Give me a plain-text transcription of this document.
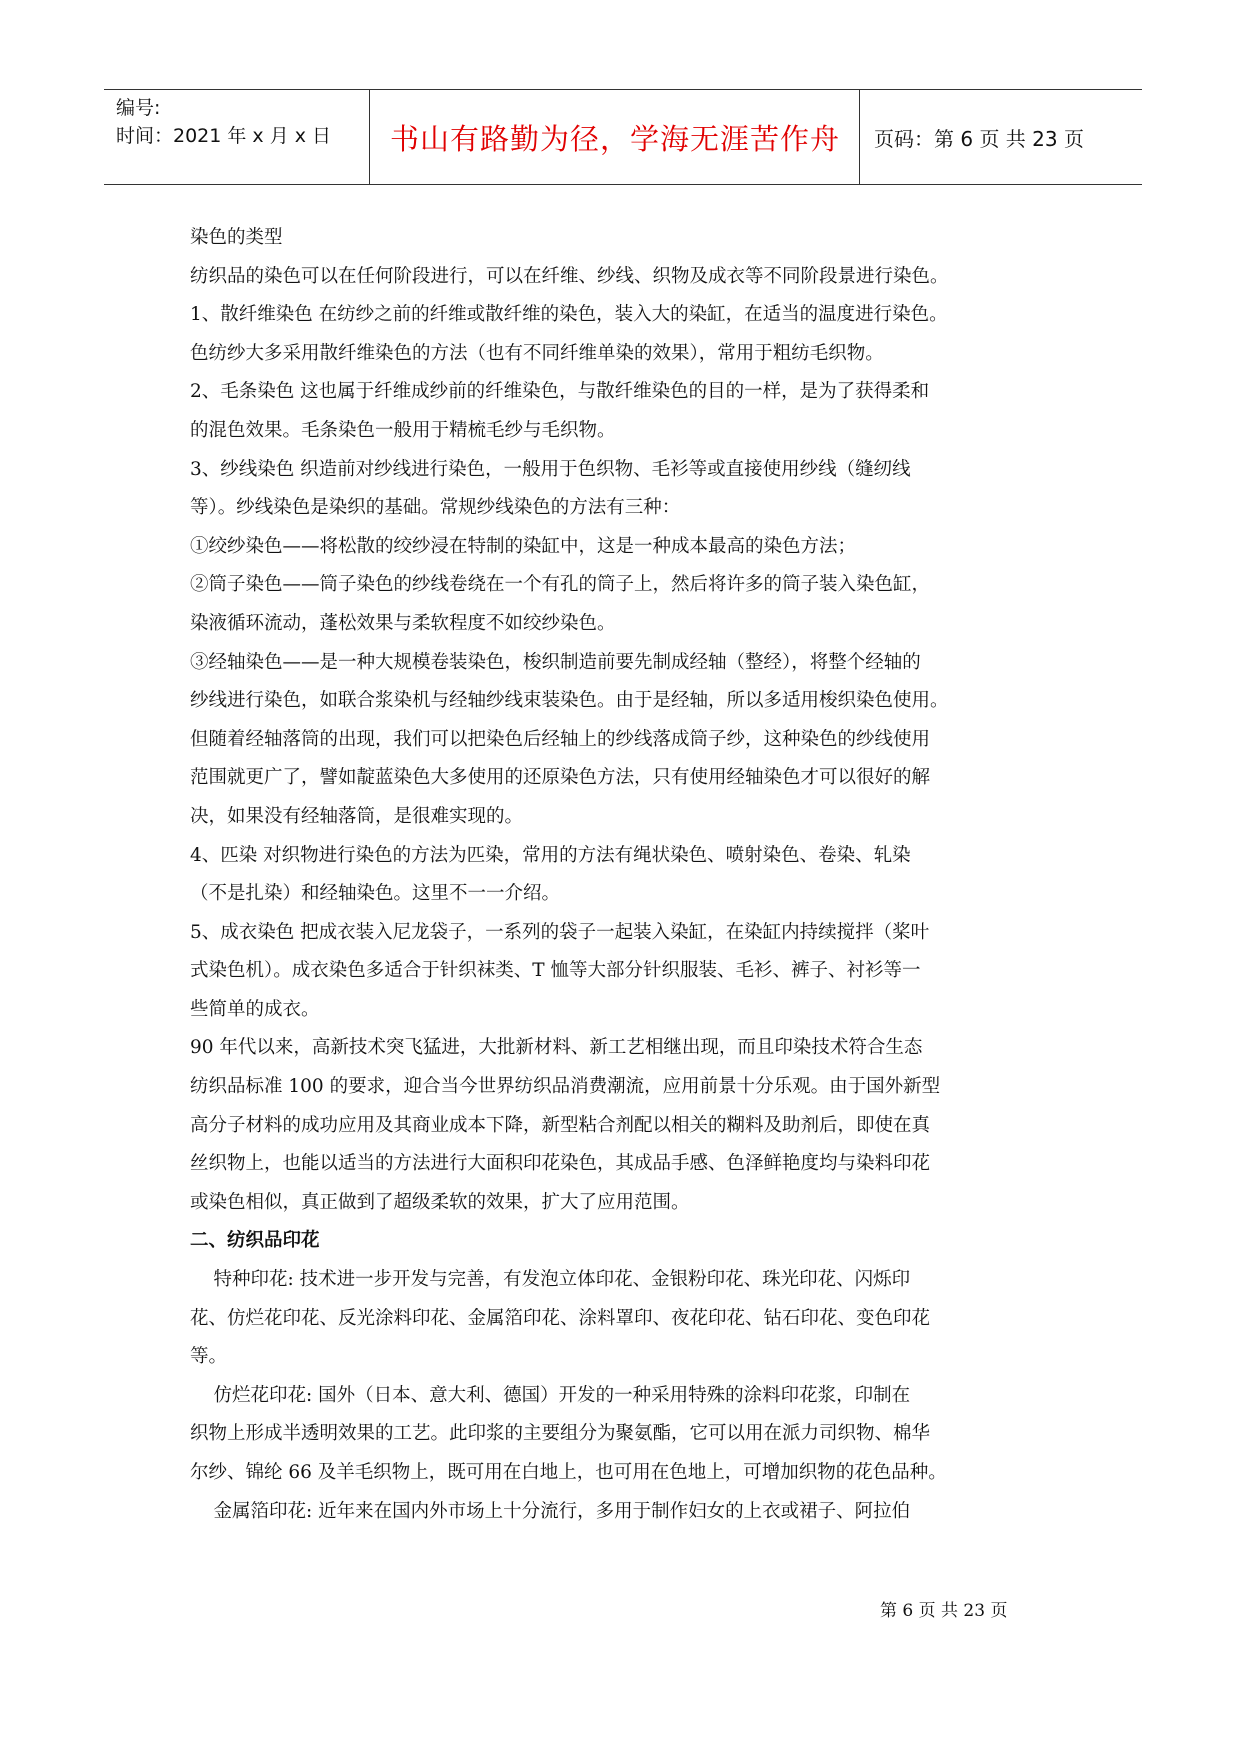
编号:
时间：2021 年 x 月 x 日	书山有路勤为径，学海无涯苦作舟	页码：第 6 页 共 23 页

染色的类型

纺织品的染色可以在任何阶段进行，可以在纤维、纱线、织物及成衣等不同阶段景进行染色。

1、散纤维染色 在纺纱之前的纤维或散纤维的染色，装入大的染缸，在适当的温度进行染色。

色纺纱大多采用散纤维染色的方法（也有不同纤维单染的效果），常用于粗纺毛织物。

2、毛条染色 这也属于纤维成纱前的纤维染色，与散纤维染色的目的一样，是为了获得柔和

的混色效果。毛条染色一般用于精梳毛纱与毛织物。

3、纱线染色 织造前对纱线进行染色，一般用于色织物、毛衫等或直接使用纱线（缝纫线

等）。纱线染色是染织的基础。常规纱线染色的方法有三种：

①绞纱染色——将松散的绞纱浸在特制的染缸中，这是一种成本最高的染色方法；

②筒子染色——筒子染色的纱线卷绕在一个有孔的筒子上，然后将许多的筒子装入染色缸，

染液循环流动，蓬松效果与柔软程度不如绞纱染色。

③经轴染色——是一种大规模卷装染色，梭织制造前要先制成经轴（整经），将整个经轴的

纱线进行染色，如联合浆染机与经轴纱线束装染色。由于是经轴，所以多适用梭织染色使用。

但随着经轴落筒的出现，我们可以把染色后经轴上的纱线落成筒子纱，这种染色的纱线使用

范围就更广了，譬如靛蓝染色大多使用的还原染色方法，只有使用经轴染色才可以很好的解

决，如果没有经轴落筒，是很难实现的。

4、匹染 对织物进行染色的方法为匹染，常用的方法有绳状染色、喷射染色、卷染、轧染

（不是扎染）和经轴染色。这里不一一介绍。

5、成衣染色 把成衣装入尼龙袋子，一系列的袋子一起装入染缸，在染缸内持续搅拌（桨叶

式染色机）。成衣染色多适合于针织袜类、T 恤等大部分针织服装、毛衫、裤子、衬衫等一

些简单的成衣。

90 年代以来，高新技术突飞猛进，大批新材料、新工艺相继出现，而且印染技术符合生态

纺织品标准 100 的要求，迎合当今世界纺织品消费潮流，应用前景十分乐观。由于国外新型

高分子材料的成功应用及其商业成本下降，新型粘合剂配以相关的糊料及助剂后，即使在真

丝织物上，也能以适当的方法进行大面积印花染色，其成品手感、色泽鲜艳度均与染料印花

或染色相似，真正做到了超级柔软的效果，扩大了应用范围。

二、纺织品印花

特种印花: 技术进一步开发与完善，有发泡立体印花、金银粉印花、珠光印花、闪烁印

花、仿烂花印花、反光涂料印花、金属箔印花、涂料罩印、夜花印花、钻石印花、变色印花

等。

仿烂花印花: 国外（日本、意大利、德国）开发的一种采用特殊的涂料印花浆，印制在

织物上形成半透明效果的工艺。此印浆的主要组分为聚氨酯，它可以用在派力司织物、棉华

尔纱、锦纶 66 及羊毛织物上，既可用在白地上，也可用在色地上，可增加织物的花色品种。

金属箔印花: 近年来在国内外市场上十分流行，多用于制作妇女的上衣或裙子、阿拉伯

第 6 页 共 23 页
